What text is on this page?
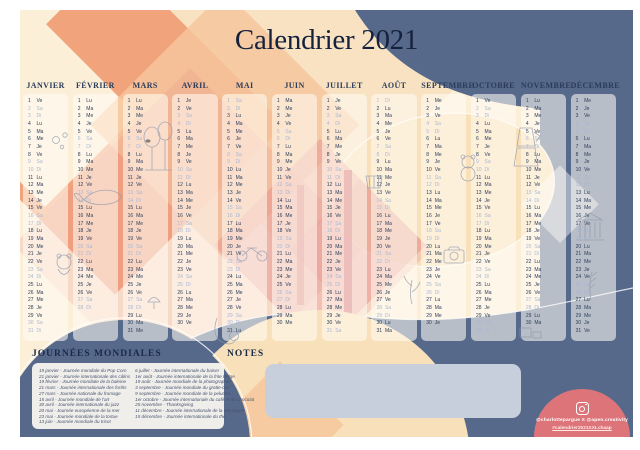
Calendrier 2021
JANVIER
1	Ve
2	Sa
3	Di
4	Lu
5	Ma
6	Me
7	Je
8	Ve
9	Sa
10 Di
11 Lu
12 Ma
13 Me
14 Je
15 Ve
16 Sa
17 Di
18 Lu
19 Ma
20 Me
21 Je
22 Ve
23 Sa
24 Di
25 Lu
26 Ma
27 Me
28 Je
29 Ve
30 Sa
31 Di
FÉVRIER
1	Lu
2	Ma
3	Me
4	Je
5	Ve
6	Sa
7	Di
8	Lu
9	Ma
10 Me
11 Je
12 Ve
13 Sa
14 Di
15 Lu
16 Ma
17 Me
18 Je
19 Ve
20 Sa
21 Di
22 Lu
23 Ma
24 Me
25 Je
26 Ve
27 Sa
28 Di
MARS
1	Lu
2	Ma
3	Me
4	Je
5	Ve
6	Sa
7	Di
8	Lu
9	Ma
10 Me
11 Je
12 Ve
13 Sa
14 Di
15 Lu
16 Ma
17 Me
18 Je
19 Ve
20 Sa
21 Di
22 Lu
23 Ma
24 Me
25 Je
26 Ve
27 Sa
28 Di
29 Lu
30 Ma
31 Me
AVRIL
1	Je
2	Ve
3	Sa
4	Di
5	Lu
6	Ma
7	Me
8	Je
9	Ve
10 Sa
11 Di
12 Lu
13 Ma
14 Me
15 Je
16 Ve
17 Sa
18 Di
19 Lu
20 Ma
21 Me
22 Je
23 Ve
24 Sa
25 Di
26 Lu
27 Ma
28 Me
29 Je
30 Ve
MAI
1	Sa
2	Di
3	Lu
4	Ma
5	Me
6	Je
7	Ve
8	Sa
9	Di
10 Lu
11 Ma
12 Me
13 Je
14 Ve
15 Sa
16 Di
17 Lu
18 Ma
19 Me
20 Je
21 Ve
22 Sa
23 Di
24 Lu
25 Ma
26 Me
27 Je
28 Ve
29 Sa
30 Di
31 Lu
JUIN
1	Ma
2	Me
3	Je
4	Ve
5	Sa
6	Di
7	Lu
8	Ma
9	Me
10 Je
11 Ve
12 Sa
13 Di
14 Lu
15 Ma
16 Me
17 Je
18 Ve
19 Sa
20 Di
21 Lu
22 Ma
23 Me
24 Je
25 Ve
26 Sa
27 Di
28 Lu
29 Ma
30 Me
JUILLET
1	Je
2	Ve
3	Sa
4	Di
5	Lu
6	Ma
7	Me
8	Je
9	Ve
10 Sa
11 Di
12 Lu
13 Ma
14 Me
15 Je
16 Ve
17 Sa
18 Di
19 Lu
20 Ma
21 Me
22 Je
23 Ve
24 Sa
25 Di
26 Lu
27 Ma
28 Me
29 Je
30 Ve
31 Sa
AOÛT
1	Di
2	Lu
3	Ma
4	Me
5	Je
6	Ve
7	Sa
8	Di
9	Lu
10 Ma
11 Me
12 Je
13 Ve
14 Sa
15 Di
16 Lu
17 Ma
18 Me
19 Je
20 Ve
21 Sa
22 Di
23 Lu
24 Ma
25 Me
26 Je
27 Ve
28 Sa
29 Di
30 Lu
31 Ma
SEPTEMBRE
1	Me
2	Je
3	Ve
4	Sa
5	Di
6	Lu
7	Ma
8	Me
9	Je
10 Ve
11 Sa
12 Di
13 Lu
14 Ma
15 Me
16 Je
17 Ve
18 Sa
19 Di
20 Lu
21 Ma
22 Me
23 Je
24 Ve
25 Sa
26 Di
27 Lu
28 Ma
29 Me
30 Je
OCTOBRE
1	Ve
2	Sa
3	Di
4	Lu
5	Ma
6	Me
7	Je
8	Ve
9	Sa
10 Di
11 Lu
12 Ma
13 Me
14 Je
15 Ve
16 Sa
17 Di
18 Lu
19 Ma
20 Me
21 Je
22 Ve
23 Sa
24 Di
25 Lu
26 Ma
27 Me
28 Je
29 Ve
30 Sa
31 Di
NOVEMBRE
1	Lu
2	Ma
3	Me
4	Je
5	Ve
6	Sa
7	Di
8	Lu
9	Ma
10 Me
11 Je
12 Ve
13 Sa
14 Di
15 Lu
16 Ma
17 Me
18 Je
19 Ve
20 Sa
21 Di
22 Lu
23 Ma
24 Me
25 Je
26 Ve
27 Sa
28 Di
29 Lu
30 Ma
DÉCEMBRE
1	Me
2	Je
3	Ve
4	Sa
5	Di
6	Lu
7	Ma
8	Me
9	Je
10 Ve
11 Sa
12 Di
13 Lu
14 Ma
15 Me
16 Je
17 Ve
18 Sa
19 Di
20 Lu
21 Ma
22 Me
23 Je
24 Ve
25 Sa
26 Di
27 Lu
28 Ma
29 Me
30 Je
31 Ve
JOURNÉES MONDIALES
19 janvier - Journée mondiale du Pop Corn
21 janvier - Journée internationale des câlins
19 février - Journée mondiale de la baleine
21 mars - Journée internationale des forêts
27 mars - Journée nationale du fromage
15 avril - Journée mondiale de l'art
30 avril - Journée internationale du jazz
20 mai - Journée européenne de la mer
23 mai - Journée mondiale de la tortue
13 juin - Journée mondiale du tricot
6 juillet - Journée internationale du baiser
1er août - Journée internationale de la frite Belge
19 août - Journée mondiale de la photographie
3 septembre - Journée mondiale du gratte-ciel
9 septembre - Journée mondiale de la peluche
1er octobre - Journée internationale du café et du chocolat
25 novembre - Thanksgiving
11 décembre - Journée internationale de la montagne
15 décembre - Journée internationale du thé
NOTES
@charlottepargue X @apen.creativity
#calendrier2021XXLchaap
